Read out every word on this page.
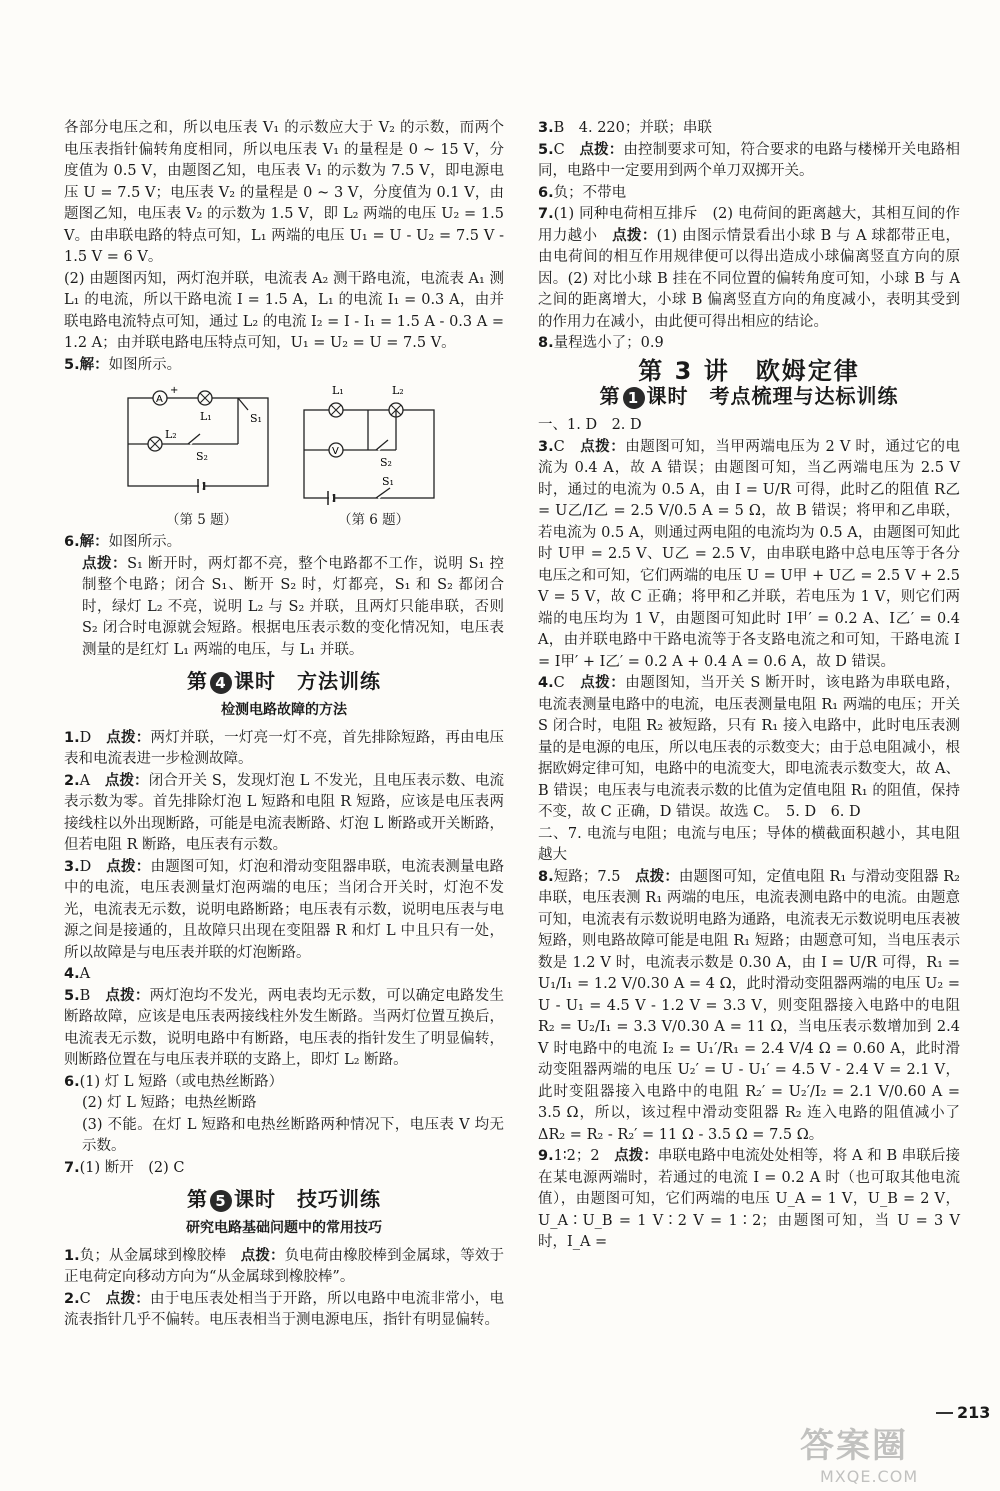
各部分电压之和，所以电压表 V₁ 的示数应大于 V₂ 的示数，而两个电压表指针偏转角度相同，所以电压表 V₁ 的量程是 0 ~ 15 V，分度值为 0.5 V，由题图乙知，电压表 V₁ 的示数为 7.5 V，即电源电压 U = 7.5 V；电压表 V₂ 的量程是 0 ~ 3 V，分度值为 0.1 V，由题图乙知，电压表 V₂ 的示数为 1.5 V，即 L₂ 两端的电压 U₂ = 1.5 V。由串联电路的特点可知，L₁ 两端的电压 U₁ = U - U₂ = 7.5 V - 1.5 V = 6 V。

(2) 由题图丙知，两灯泡并联，电流表 A₂ 测干路电流，电流表 A₁ 测 L₁ 的电流，所以干路电流 I = 1.5 A，L₁ 的电流 I₁ = 0.3 A，由并联电路电流特点可知，通过 L₂ 的电流 I₂ = I - I₁ = 1.5 A - 0.3 A = 1.2 A；由并联电路电压特点可知，U₁ = U₂ = U = 7.5 V。

5.解：如图所示。

A
+
L₁
L₂
S₁
S₂
（第 5 题）
L₁	L₂
V
S₂
S₁
（第 6 题）

6.解：如图所示。

点拨：S₁ 断开时，两灯都不亮，整个电路都不工作，说明 S₁ 控制整个电路；闭合 S₁、断开 S₂ 时，灯都亮，S₁ 和 S₂ 都闭合时，绿灯 L₂ 不亮，说明 L₂ 与 S₂ 并联，且两灯只能串联，否则 S₂ 闭合时电源就会短路。根据电压表示数的变化情况知，电压表测量的是红灯 L₁ 两端的电压，与 L₁ 并联。

第 4 课时　方法训练
检测电路故障的方法

1.D　点拨：两灯并联，一灯亮一灯不亮，首先排除短路，再由电压表和电流表进一步检测故障。

2.A　点拨：闭合开关 S，发现灯泡 L 不发光，且电压表示数、电流表示数为零。首先排除灯泡 L 短路和电阻 R 短路，应该是电压表两接线柱以外出现断路，可能是电流表断路、灯泡 L 断路或开关断路，但若电阻 R 断路，电压表有示数。

3.D　点拨：由题图可知，灯泡和滑动变阻器串联，电流表测量电路中的电流，电压表测量灯泡两端的电压；当闭合开关时，灯泡不发光，电流表无示数，说明电路断路；电压表有示数，说明电压表与电源之间是接通的，且故障只出现在变阻器 R 和灯 L 中且只有一处，所以故障是与电压表并联的灯泡断路。

4.A

5.B　点拨：两灯泡均不发光，两电表均无示数，可以确定电路发生断路故障，应该是电压表两接线柱外发生断路。当两灯位置互换后，电流表无示数，说明电路中有断路，电压表的指针发生了明显偏转，则断路位置在与电压表并联的支路上，即灯 L₂ 断路。

6.(1) 灯 L 短路（或电热丝断路）

(2) 灯 L 短路；电热丝断路

(3) 不能。在灯 L 短路和电热丝断路两种情况下，电压表 V 均无示数。

7.(1) 断开　(2) C

第 5 课时　技巧训练
研究电路基础问题中的常用技巧

1.负；从金属球到橡胶棒　点拨：负电荷由橡胶棒到金属球，等效于正电荷定向移动方向为“从金属球到橡胶棒”。

2.C　点拨：由于电压表处相当于开路，所以电路中电流非常小，电流表指针几乎不偏转。电压表相当于测电源电压，指针有明显偏转。

3.B　4. 220；并联；串联

5.C　点拨：由控制要求可知，符合要求的电路与楼梯开关电路相同，电路中一定要用到两个单刀双掷开关。

6.负；不带电

7.(1) 同种电荷相互排斥　(2) 电荷间的距离越大，其相互间的作用力越小　点拨：(1) 由图示情景看出小球 B 与 A 球都带正电，由电荷间的相互作用规律便可以得出造成小球偏离竖直方向的原因。(2) 对比小球 B 挂在不同位置的偏转角度可知，小球 B 与 A 之间的距离增大，小球 B 偏离竖直方向的角度减小，表明其受到的作用力在减小，由此便可得出相应的结论。

8.量程选小了；0.9

第 3 讲　欧姆定律
第 1 课时　考点梳理与达标训练

一、1. D　2. D

3.C　点拨：由题图可知，当甲两端电压为 2 V 时，通过它的电流为 0.4 A，故 A 错误；由题图可知，当乙两端电压为 2.5 V 时，通过的电流为 0.5 A，由 I = U/R 可得，此时乙的阻值 R乙 = U乙/I乙 = 2.5 V/0.5 A = 5 Ω，故 B 错误；将甲和乙串联，若电流为 0.5 A，则通过两电阻的电流均为 0.5 A，由题图可知此时 U甲 = 2.5 V、U乙 = 2.5 V，由串联电路中总电压等于各分电压之和可知，它们两端的电压 U = U甲 + U乙 = 2.5 V + 2.5 V = 5 V，故 C 正确；将甲和乙并联，若电压为 1 V，则它们两端的电压均为 1 V，由题图可知此时 I甲′ = 0.2 A、I乙′ = 0.4 A，由并联电路中干路电流等于各支路电流之和可知，干路电流 I = I甲′ + I乙′ = 0.2 A + 0.4 A = 0.6 A，故 D 错误。

4.C　点拨：由题图知，当开关 S 断开时，该电路为串联电路，电流表测量电路中的电流，电压表测量电阻 R₁ 两端的电压；开关 S 闭合时，电阻 R₂ 被短路，只有 R₁ 接入电路中，此时电压表测量的是电源的电压，所以电压表的示数变大；由于总电阻减小，根据欧姆定律可知，电路中的电流变大，即电流表示数变大，故 A、B 错误；电压表与电流表示数的比值为定值电阻 R₁ 的阻值，保持不变，故 C 正确，D 错误。故选 C。　5. D　6. D

二、7. 电流与电阻；电流与电压；导体的横截面积越小，其电阻越大

8.短路；7.5　点拨：由题图可知，定值电阻 R₁ 与滑动变阻器 R₂ 串联，电压表测 R₁ 两端的电压，电流表测电路中的电流。由题意可知，电流表有示数说明电路为通路，电流表无示数说明电压表被短路，则电路故障可能是电阻 R₁ 短路；由题意可知，当电压表示数是 1.2 V 时，电流表示数是 0.30 A，由 I = U/R 可得，R₁ = U₁/I₁ = 1.2 V/0.30 A = 4 Ω，此时滑动变阻器两端的电压 U₂ = U - U₁ = 4.5 V - 1.2 V = 3.3 V，则变阻器接入电路中的电阻 R₂ = U₂/I₁ = 3.3 V/0.30 A = 11 Ω，当电压表示数增加到 2.4 V 时电路中的电流 I₂ = U₁′/R₁ = 2.4 V/4 Ω = 0.60 A，此时滑动变阻器两端的电压 U₂′ = U - U₁′ = 4.5 V - 2.4 V = 2.1 V，此时变阻器接入电路中的电阻 R₂′ = U₂′/I₂ = 2.1 V/0.60 A = 3.5 Ω，所以，该过程中滑动变阻器 R₂ 连入电路的阻值减小了 ΔR₂ = R₂ - R₂′ = 11 Ω - 3.5 Ω = 7.5 Ω。

9.1∶2；2　点拨：串联电路中电流处处相等，将 A 和 B 串联后接在某电源两端时，若通过的电流 I = 0.2 A 时（也可取其他电流值），由题图可知，它们两端的电压 U_A = 1 V，U_B = 2 V，U_A∶U_B = 1 V∶2 V = 1∶2；由题图可知，当 U = 3 V 时，I_A =

213
答案圈
MXQE.COM
